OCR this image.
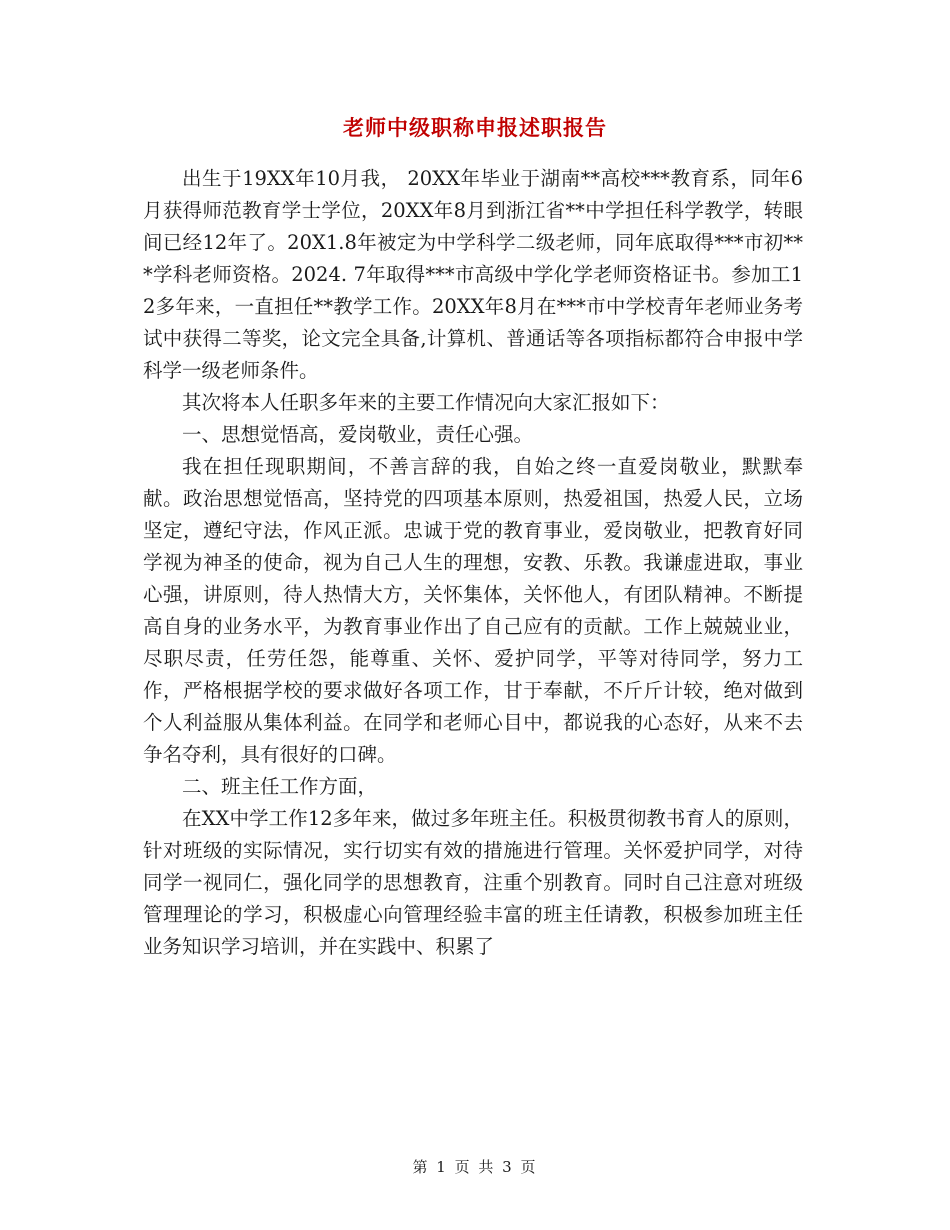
老师中级职称申报述职报告

出生于19XX年10月我， 20XX年毕业于湖南**高校***教育系，同年6月获得师范教育学士学位，20XX年8月到浙江省**中学担任科学教学，转眼间已经12年了。20X1.8年被定为中学科学二级老师，同年底取得***市初***学科老师资格。2024. 7年取得***市高级中学化学老师资格证书。参加工12多年来，一直担任**教学工作。20XX年8月在***市中学校青年老师业务考试中获得二等奖，论文完全具备,计算机、普通话等各项指标都符合申报中学科学一级老师条件。

其次将本人任职多年来的主要工作情况向大家汇报如下：

一、思想觉悟高，爱岗敬业，责任心强。

我在担任现职期间，不善言辞的我，自始之终一直爱岗敬业，默默奉献。政治思想觉悟高，坚持党的四项基本原则，热爱祖国，热爱人民，立场坚定，遵纪守法，作风正派。忠诚于党的教育事业，爱岗敬业，把教育好同学视为神圣的使命，视为自己人生的理想，安教、乐教。我谦虚进取，事业心强，讲原则，待人热情大方，关怀集体，关怀他人，有团队精神。不断提高自身的业务水平，为教育事业作出了自己应有的贡献。工作上兢兢业业，尽职尽责，任劳任怨，能尊重、关怀、爱护同学，平等对待同学，努力工作，严格根据学校的要求做好各项工作，甘于奉献，不斤斤计较，绝对做到个人利益服从集体利益。在同学和老师心目中，都说我的心态好，从来不去争名夺利，具有很好的口碑。

二、班主任工作方面，

在XX中学工作12多年来，做过多年班主任。积极贯彻教书育人的原则，针对班级的实际情况，实行切实有效的措施进行管理。关怀爱护同学，对待同学一视同仁，强化同学的思想教育，注重个别教育。同时自己注意对班级管理理论的学习，积极虚心向管理经验丰富的班主任请教，积极参加班主任业务知识学习培训，并在实践中、积累了

第 1 页 共 3 页
